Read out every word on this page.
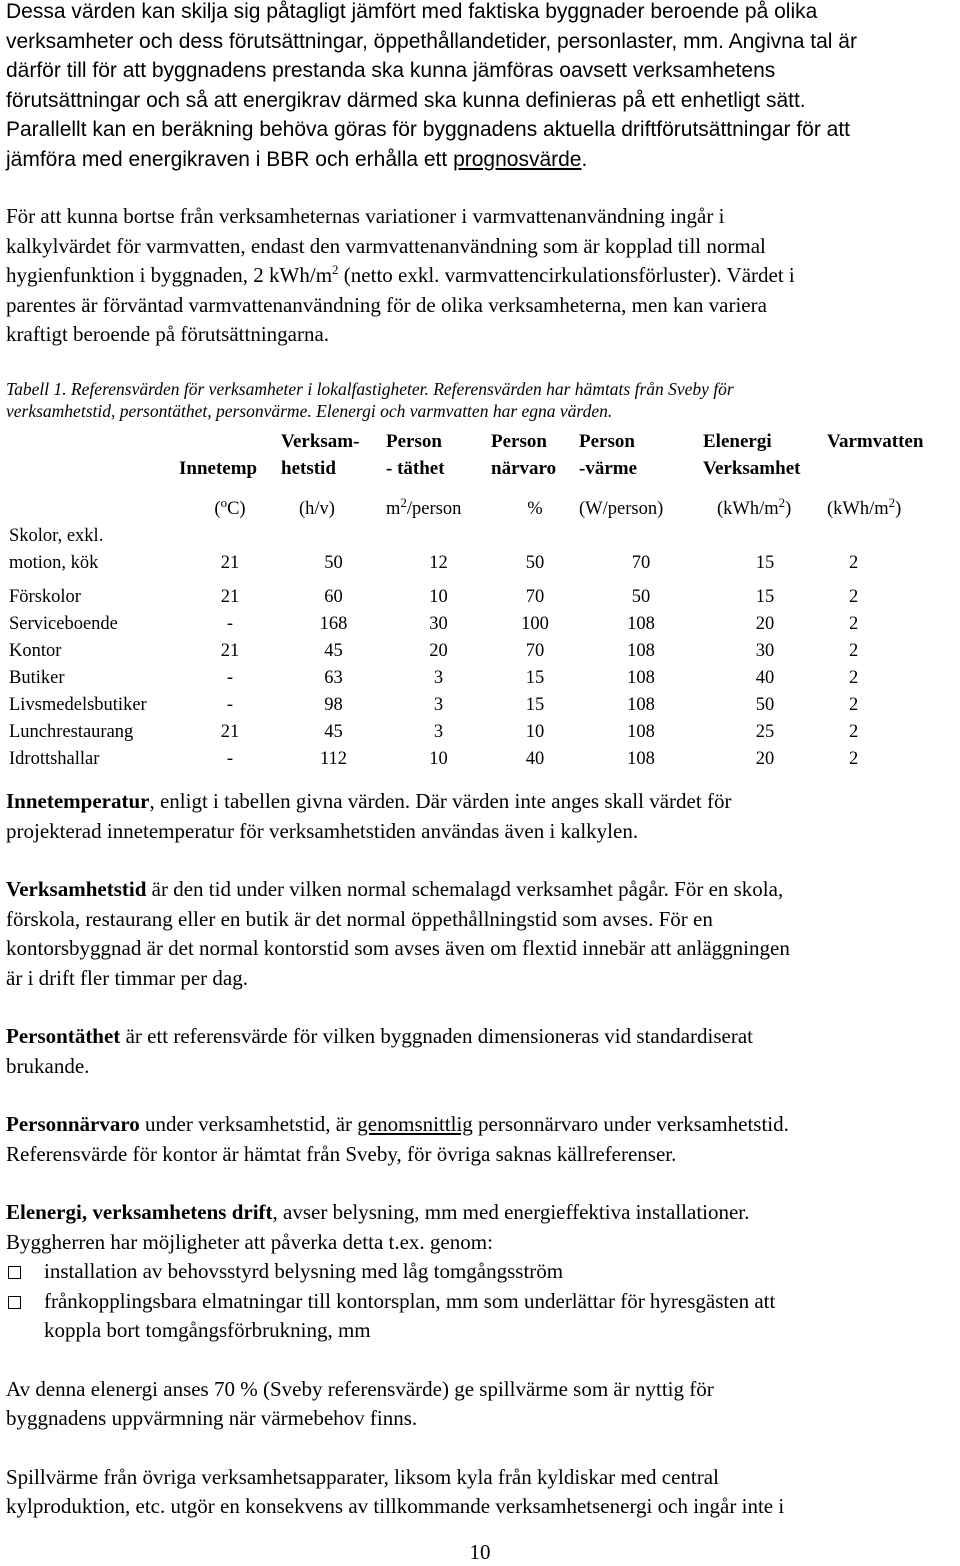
Dessa värden kan skilja sig påtagligt jämfört med faktiska byggnader beroende på olika

verksamheter och dess förutsättningar, öppethållandetider, personlaster, mm. Angivna tal är

därför till för att byggnadens prestanda ska kunna jämföras oavsett verksamhetens

förutsättningar och så att energikrav därmed ska kunna definieras på ett enhetligt sätt.

Parallellt kan en beräkning behöva göras för byggnadens aktuella driftförutsättningar för att

jämföra med energikraven i BBR och erhålla ett prognosvärde.

För att kunna bortse från verksamheternas variationer i varmvattenanvändning ingår i

kalkylvärdet för varmvatten, endast den varmvattenanvändning som är kopplad till normal

hygienfunktion i byggnaden, 2 kWh/$m^2$ (netto exkl. varmvattencirkulationsförluster). Värdet i

parentes är förväntad varmvattenanvändning för de olika verksamheterna, men kan variera

kraftigt beroende på förutsättningarna.

Tabell 1. Referensvärden för verksamheter i lokalfastigheter. Referensvärden har hämtats från Sveby för

verksamhetstid, persontäthet, personvärme. Elenergi och varmvatten har egna värden.

		Verksam-	Person	Person	Person	Elenergi	Varmvatten
	Innetemp	hetstid	- täthet	närvaro	-värme	Verksamhet	
	($^o$C)	(h/v)	$m^2$/person	%	(W/person)	$(kWh/m^2)$	$(kWh/m^2)$
Skolor, exkl.							
motion, kök	21	50	12	50	70	15	2
Förskolor	21	60	10	70	50	15	2
Serviceboende	-	168	30	100	108	20	2
Kontor	21	45	20	70	108	30	2
Butiker	-	63	3	15	108	40	2
Livsmedelsbutiker	-	98	3	15	108	50	2
Lunchrestaurang	21	45	3	10	108	25	2
Idrottshallar	-	112	10	40	108	20	2

Innetemperatur, enligt i tabellen givna värden. Där värden inte anges skall värdet för

projekterad innetemperatur för verksamhetstiden användas även i kalkylen.

Verksamhetstid är den tid under vilken normal schemalagd verksamhet pågår. För en skola,

förskola, restaurang eller en butik är det normal öppethållningstid som avses. För en

kontorsbyggnad är det normal kontorstid som avses även om flextid innebär att anläggningen

är i drift fler timmar per dag.

Persontäthet är ett referensvärde för vilken byggnaden dimensioneras vid standardiserat

brukande.

Personnärvaro under verksamhetstid, är genomsnittlig personnärvaro under verksamhetstid.

Referensvärde för kontor är hämtat från Sveby, för övriga saknas källreferenser.

Elenergi, verksamhetens drift, avser belysning, mm med energieffektiva installationer.

Byggherren har möjligheter att påverka detta t.ex. genom:

installation av behovsstyrd belysning med låg tomgångsström

frånkopplingsbara elmatningar till kontorsplan, mm som underlättar för hyresgästen att

koppla bort tomgångsförbrukning, mm

Av denna elenergi anses 70 % (Sveby referensvärde) ge spillvärme som är nyttig för

byggnadens uppvärmning när värmebehov finns.

Spillvärme från övriga verksamhetsapparater, liksom kyla från kyldiskar med central

kylproduktion, etc. utgör en konsekvens av tillkommande verksamhetsenergi och ingår inte i

10
